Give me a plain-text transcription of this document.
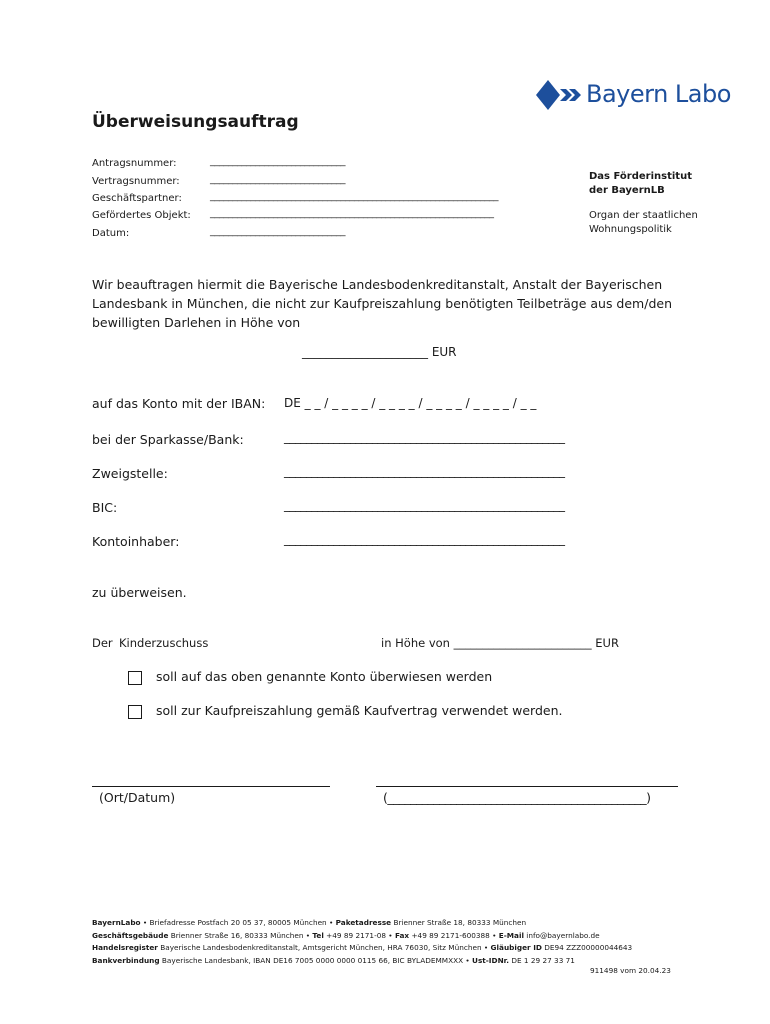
Bayern Labo
Überweisungsauftrag
Antragsnummer:	______________________________
Vertragsnummer:	______________________________
Geschäftspartner:	________________________________________________________________
Gefördertes Objekt: _______________________________________________________________
Datum:	______________________________
Das Förderinstitut
der BayernLB
Organ der staatlichen
Wohnungspolitik
Wir beauftragen hiermit die Bayerische Landesbodenkreditanstalt, Anstalt der Bayerischen Landesbank in München, die nicht zur Kaufpreiszahlung benötigten Teilbeträge aus dem/den bewilligten Darlehen in Höhe von
_____________________ EUR
auf das Konto mit der IBAN: DE _ _ / _ _ _ _ / _ _ _ _ / _ _ _ _ / _ _ _ _ / _ _
bei der Sparkasse/Bank:	___________________________________________________
Zweigstelle:	___________________________________________________
BIC:	___________________________________________________
Kontoinhaber:	___________________________________________________
zu überweisen.
Der Kinderzuschuss	in Höhe von ________________________ EUR
soll auf das oben genannte Konto überwiesen werden
soll zur Kaufpreiszahlung gemäß Kaufvertrag verwendet werden.
(Ort/Datum)	(_____________________________________________)
BayernLabo • Briefadresse Postfach 20 05 37, 80005 München • Paketadresse Brienner Straße 18, 80333 München
Geschäftsgebäude Brienner Straße 16, 80333 München • Tel +49 89 2171-08 • Fax +49 89 2171-600388 • E-Mail info@bayernlabo.de
Handelsregister Bayerische Landesbodenkreditanstalt, Amtsgericht München, HRA 76030, Sitz München • Gläubiger ID DE94 ZZZ00000044643
Bankverbindung Bayerische Landesbank, IBAN DE16 7005 0000 0000 0115 66, BIC BYLADEMMXXX • Ust-IDNr. DE 1 29 27 33 71
911498 vom 20.04.23
